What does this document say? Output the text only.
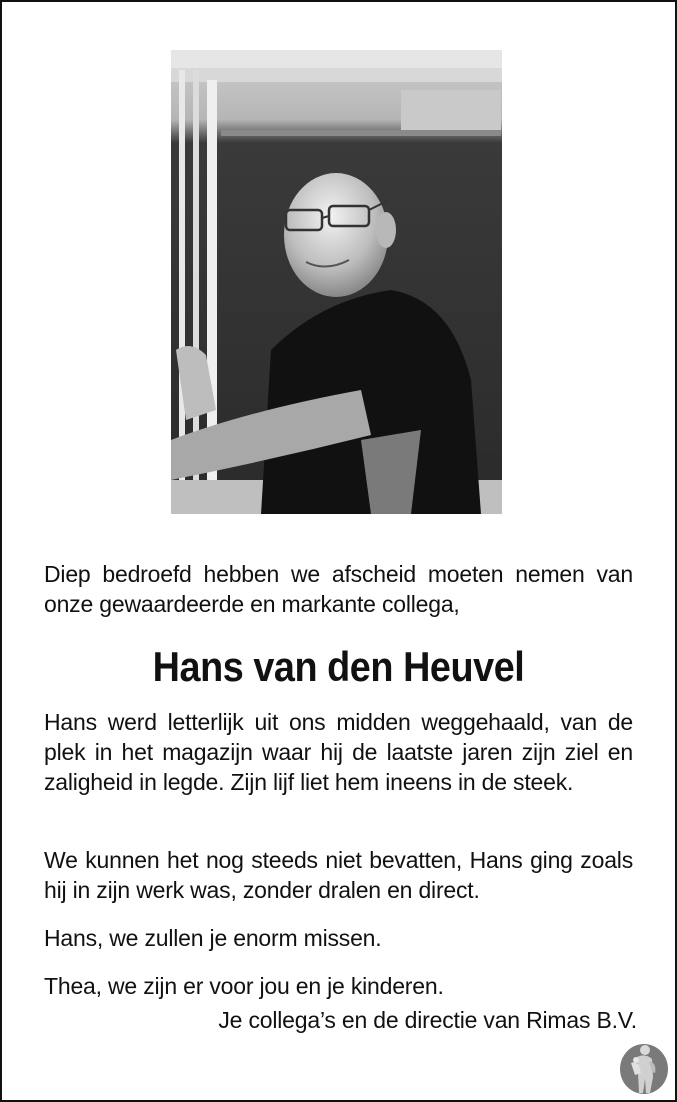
Diep bedroefd hebben we afscheid moeten nemen van onze gewaardeerde en markante collega,
Hans van den Heuvel
Hans werd letterlijk uit ons midden weggehaald, van de plek in het magazijn waar hij de laatste jaren zijn ziel en zaligheid in legde. Zijn lijf liet hem ineens in de steek.
We kunnen het nog steeds niet bevatten, Hans ging zoals hij in zijn werk was, zonder dralen en direct.
Hans, we zullen je enorm missen.
Thea, we zijn er voor jou en je kinderen.
Je collega’s en de directie van Rimas B.V.
